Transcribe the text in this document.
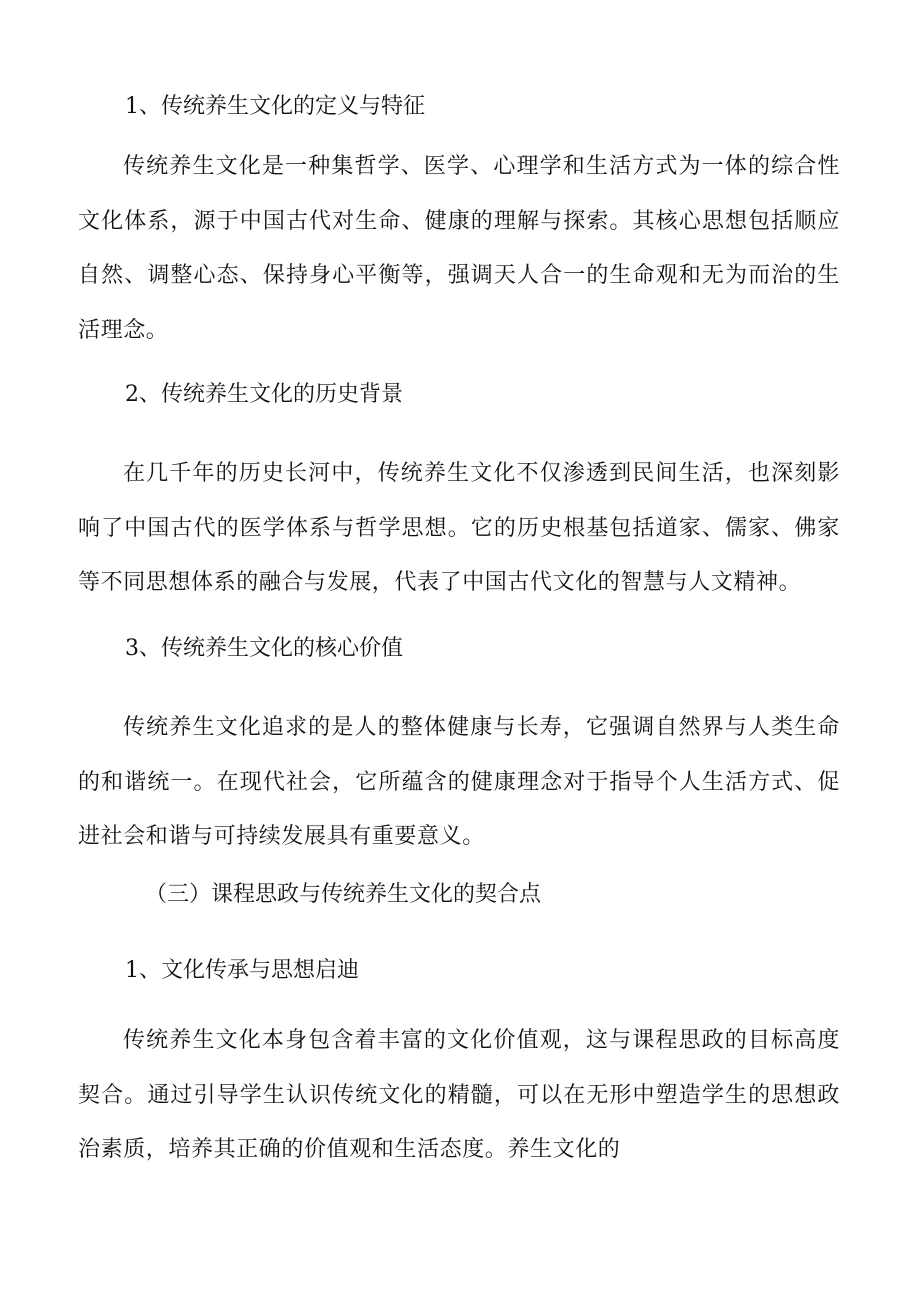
1、传统养生文化的定义与特征
传统养生文化是一种集哲学、医学、心理学和生活方式为一体的综合性文化体系，源于中国古代对生命、健康的理解与探索。其核心思想包括顺应自然、调整心态、保持身心平衡等，强调天人合一的生命观和无为而治的生活理念。
2、传统养生文化的历史背景
在几千年的历史长河中，传统养生文化不仅渗透到民间生活，也深刻影响了中国古代的医学体系与哲学思想。它的历史根基包括道家、儒家、佛家等不同思想体系的融合与发展，代表了中国古代文化的智慧与人文精神。
3、传统养生文化的核心价值
传统养生文化追求的是人的整体健康与长寿，它强调自然界与人类生命的和谐统一。在现代社会，它所蕴含的健康理念对于指导个人生活方式、促进社会和谐与可持续发展具有重要意义。
（三）课程思政与传统养生文化的契合点
1、文化传承与思想启迪
传统养生文化本身包含着丰富的文化价值观，这与课程思政的目标高度契合。通过引导学生认识传统文化的精髓，可以在无形中塑造学生的思想政治素质，培养其正确的价值观和生活态度。养生文化的
